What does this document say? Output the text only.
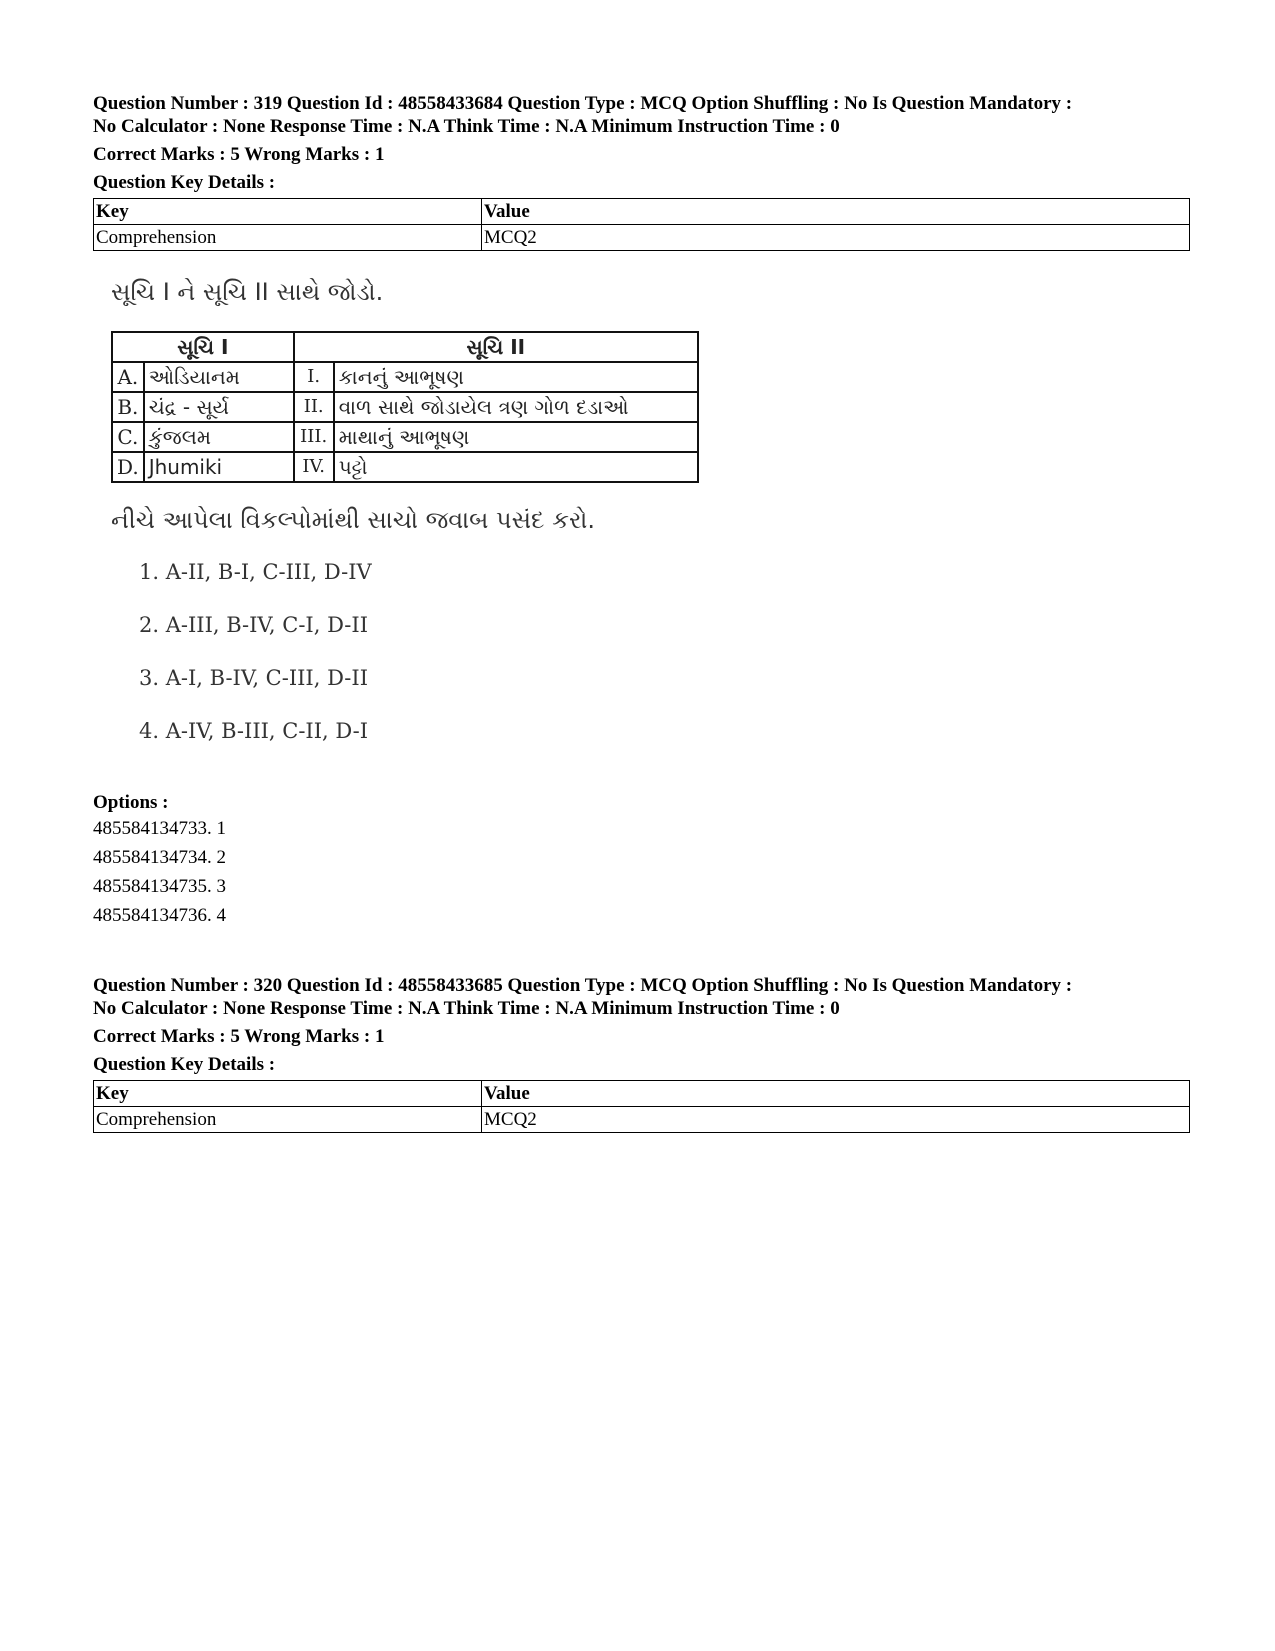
Question Number : 319 Question Id : 48558433684 Question Type : MCQ Option Shuffling : No Is Question Mandatory :
No Calculator : None Response Time : N.A Think Time : N.A Minimum Instruction Time : 0

Correct Marks : 5 Wrong Marks : 1
Question Key Details :
Key	Value
Comprehension	MCQ2
સૂચિ I ને સૂચિ II સાથે જોડો.
સૂચિ I		સૂચિ II	
A.	ઓડિયાનમ	I.	કાનનું આભૂષણ
B.	ચંદ્ર - સૂર્ય	II.	વાળ સાથે જોડાયેલ ત્રણ ગોળ દડાઓ
C.	કુંજલમ	III.	માથાનું આભૂષણ
D.	Jhumiki	IV.	પટ્ટો
નીચે આપેલા વિકલ્પોમાંથી સાચો જવાબ પસંદ કરો.
1. A-II, B-I, C-III, D-IV
2. A-III, B-IV, C-I, D-II
3. A-I, B-IV, C-III, D-II
4. A-IV, B-III, C-II, D-I
Options :
485584134733. 1
485584134734. 2
485584134735. 3
485584134736. 4

Question Number : 320 Question Id : 48558433685 Question Type : MCQ Option Shuffling : No Is Question Mandatory :
No Calculator : None Response Time : N.A Think Time : N.A Minimum Instruction Time : 0

Correct Marks : 5 Wrong Marks : 1
Question Key Details :
Key	Value
Comprehension	MCQ2
